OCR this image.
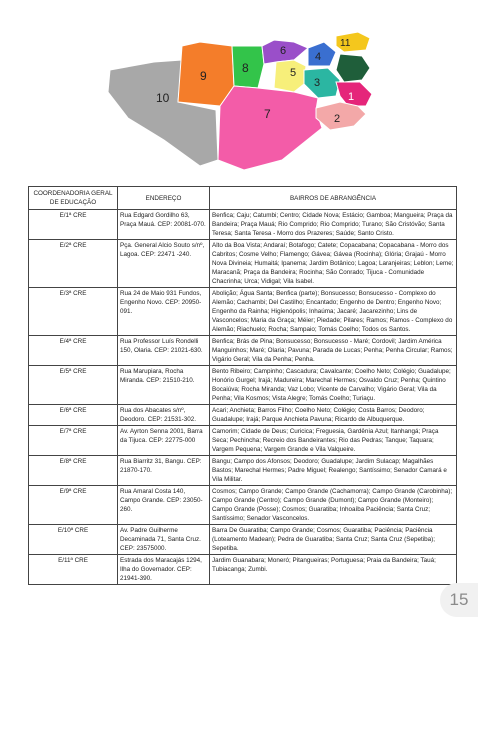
10
9
8
7
6
5
4
3
11
1
2
COORDENADORIA GERAL DE EDUCAÇÃO	ENDEREÇO	BAIRROS DE ABRANGÊNCIA
E/1ª CRE	Rua Edgard Gordilho 63, Praça Mauá. CEP: 20081-070.	Benfica; Caju; Catumbi; Centro; Cidade Nova; Estácio; Gamboa; Mangueira; Praça da Bandeira; Praça Mauá; Rio Comprido; Rio Comprido; Turano; São Cristóvão; Santa Teresa; Santa Teresa - Morro dos Prazeres; Saúde; Santo Cristo.
E/2ª CRE	Pça. General Alcio Souto s/nº, Lagoa. CEP: 22471 -240.	Alto da Boa Vista; Andaraí; Botafogo; Catete; Copacabana; Copacabana - Morro dos Cabritos; Cosme Velho; Flamengo; Gávea; Gávea (Rocinha); Glória; Grajaú - Morro Nova Divineia; Humaitá; Ipanema; Jardim Botânico; Lagoa; Laranjeiras; Leblon; Leme; Maracanã; Praça da Bandeira; Rocinha; São Conrado; Tijuca - Comunidade Chacrinha; Urca; Vidigal; Vila Isabel.
E/3ª CRE	Rua 24 de Maio 931 Fundos, Engenho Novo. CEP: 20950-091.	Abolição; Água Santa; Benfica (parte); Bonsucesso; Bonsucesso - Complexo do Alemão; Cachambi; Del Castilho; Encantado; Engenho de Dentro; Engenho Novo; Engenho da Rainha; Higienópolis; Inhaúma; Jacaré; Jacarezinho; Lins de Vasconcelos; Maria da Graça; Méier; Piedade; Pilares; Ramos; Ramos - Complexo do Alemão; Riachuelo; Rocha; Sampaio; Tomás Coelho; Todos os Santos.
E/4ª CRE	Rua Professor Luís Rondelli 150, Olaria. CEP: 21021-630.	Benfica; Brás de Pina; Bonsucesso; Bonsucesso - Maré; Cordovil; Jardim América Manguinhos; Maré; Olaria; Pavuna; Parada de Lucas; Penha; Penha Circular; Ramos; Vigário Geral; Vila da Penha; Penha.
E/5ª CRE	Rua Marupiara, Rocha Miranda. CEP: 21510-210.	Bento Ribeiro; Campinho; Cascadura; Cavalcante; Coelho Neto; Colégio; Guadalupe; Honório Gurgel; Irajá; Madureira; Marechal Hermes; Osvaldo Cruz; Penha; Quintino Bocaiúva; Rocha Miranda; Vaz Lobo; Vicente de Carvalho; Vigário Geral; Vila da Penha; Vila Kosmos; Vista Alegre; Tomás Coelho; Turiaçu.
E/6ª CRE	Rua dos Abacates s/nº, Deodoro. CEP: 21531-302.	Acari; Anchieta; Barros Filho; Coelho Neto; Colégio; Costa Barros; Deodoro; Guadalupe; Irajá; Parque Anchieta Pavuna; Ricardo de Albuquerque.
E/7ª CRE	Av. Ayrton Senna 2001, Barra da Tijuca. CEP: 22775-000	Camorim; Cidade de Deus; Curicica; Freguesia, Gardênia Azul; Itanhangá; Praça Seca; Pechincha; Recreio dos Bandeirantes; Rio das Pedras; Tanque; Taquara; Vargem Pequena; Vargem Grande e Vila Valqueire.
E/8ª CRE	Rua Biarritz 31, Bangu. CEP: 21870-170.	Bangu; Campo dos Afonsos; Deodoro; Guadalupe; Jardim Sulacap; Magalhães Bastos; Marechal Hermes; Padre Miguel; Realengo; Santíssimo; Senador Camará e Vila Militar.
E/9ª CRE	Rua Amaral Costa 140, Campo Grande. CEP: 23050-260.	Cosmos; Campo Grande; Campo Grande (Cachamorra); Campo Grande (Carobinha); Campo Grande (Centro); Campo Grande (Dumont); Campo Grande (Monteiro); Campo Grande (Posse); Cosmos; Guaratiba; Inhoaíba Paciência; Santa Cruz; Santíssimo; Senador Vasconcelos.
E/10ª CRE	Av. Padre Guilherme Decaminada 71, Santa Cruz. CEP: 23575000.	Barra De Guaratiba; Campo Grande; Cosmos; Guaratiba; Paciência; Paciência (Loteamento Madean); Pedra de Guaratiba; Santa Cruz; Santa Cruz (Sepetiba); Sepetiba.
E/11ª CRE	Estrada dos Maracajás 1294, Ilha do Governador. CEP: 21941-390.	Jardim Guanabara; Moneró; Pitangueiras; Portuguesa; Praia da Bandeira; Tauá; Tubiacanga; Zumbi.
15
